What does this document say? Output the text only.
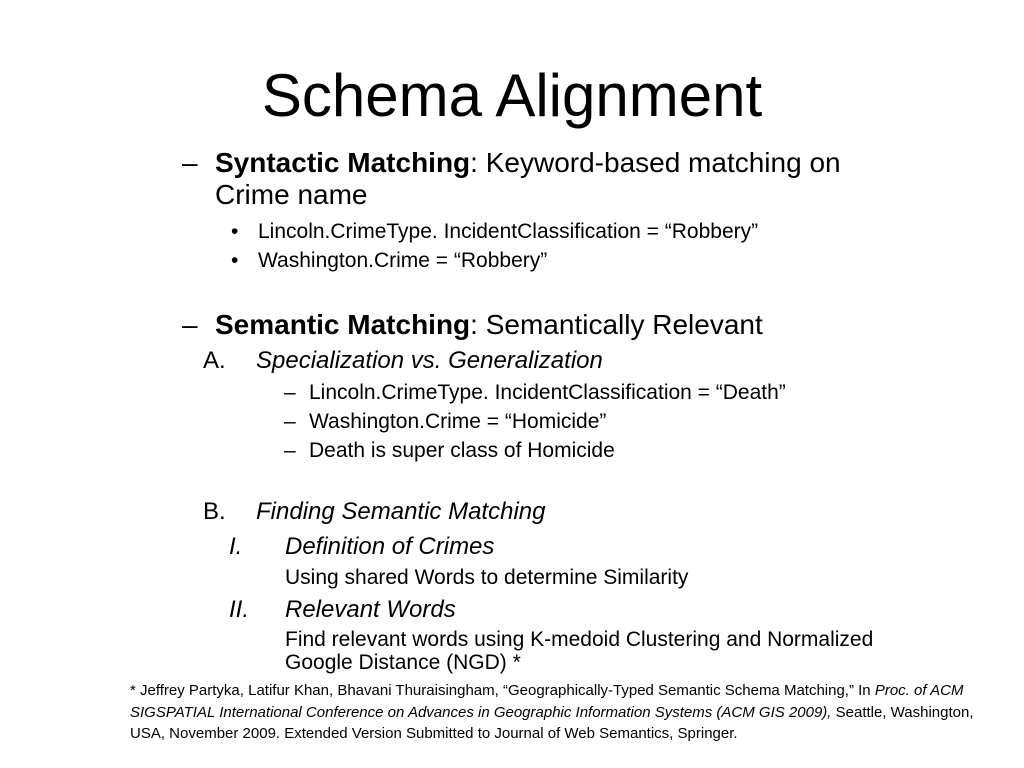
Schema Alignment
– Syntactic Matching: Keyword-based matching on
Crime name
• Lincoln.CrimeType. IncidentClassification = “Robbery”
• Washington.Crime = “Robbery”
– Semantic Matching: Semantically Relevant
A. Specialization vs. Generalization
– Lincoln.CrimeType. IncidentClassification = “Death”
– Washington.Crime = “Homicide”
– Death is super class of Homicide
B. Finding Semantic Matching
I. Definition of Crimes
Using shared Words to determine Similarity
II. Relevant Words
Find relevant words using K-medoid Clustering and Normalized
Google Distance (NGD) *
* Jeffrey Partyka, Latifur Khan, Bhavani Thuraisingham, “Geographically-Typed Semantic Schema Matching,” In Proc. of ACM SIGSPATIAL International Conference on Advances in Geographic Information Systems (ACM GIS 2009), Seattle, Washington, USA, November 2009. Extended Version Submitted to Journal of Web Semantics, Springer.
